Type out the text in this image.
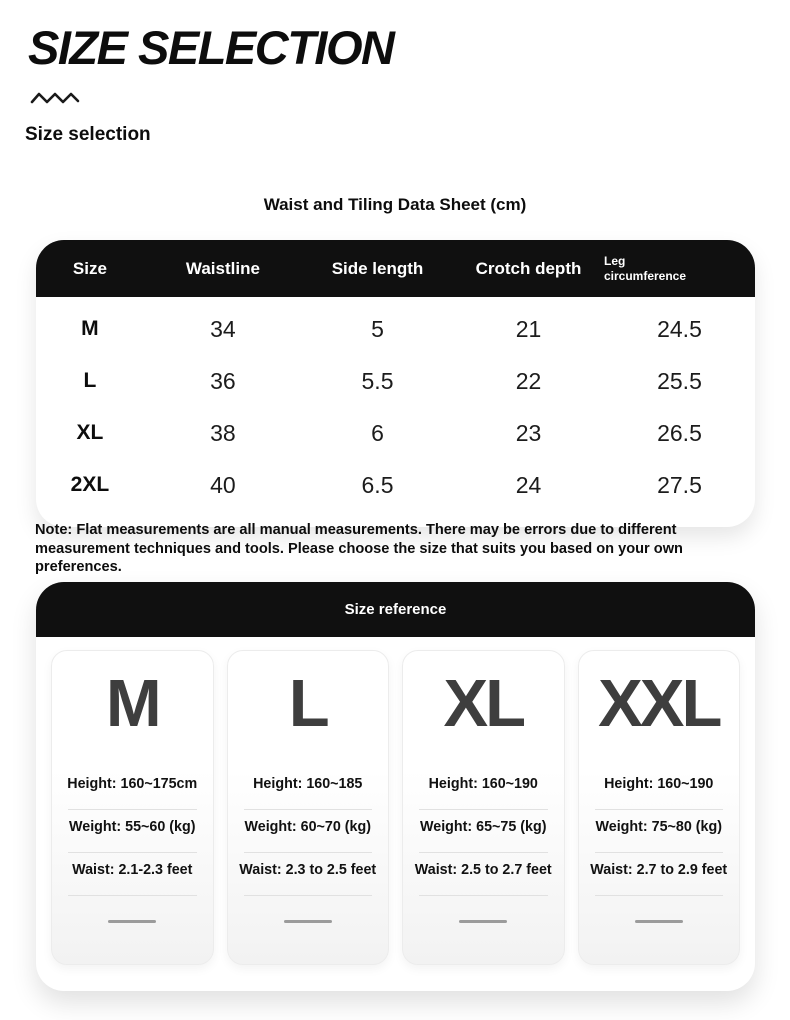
SIZE SELECTION
Size selection
Waist and Tiling Data Sheet (cm)
Size	Waistline	Side length	Crotch depth	Leg circumference
M	34	5	21	24.5
L	36	5.5	22	25.5
XL	38	6	23	26.5
2XL	40	6.5	24	27.5
Note: Flat measurements are all manual measurements. There may be errors due to different
measurement techniques and tools. Please choose the size that suits you based on your own preferences.
Size reference
M
Height: 160~175cm
Weight: 55~60 (kg)
Waist: 2.1-2.3 feet
L
Height: 160~185
Weight: 60~70 (kg)
Waist: 2.3 to 2.5 feet
XL
Height: 160~190
Weight: 65~75 (kg)
Waist: 2.5 to 2.7 feet
XXL
Height: 160~190
Weight: 75~80 (kg)
Waist: 2.7 to 2.9 feet
